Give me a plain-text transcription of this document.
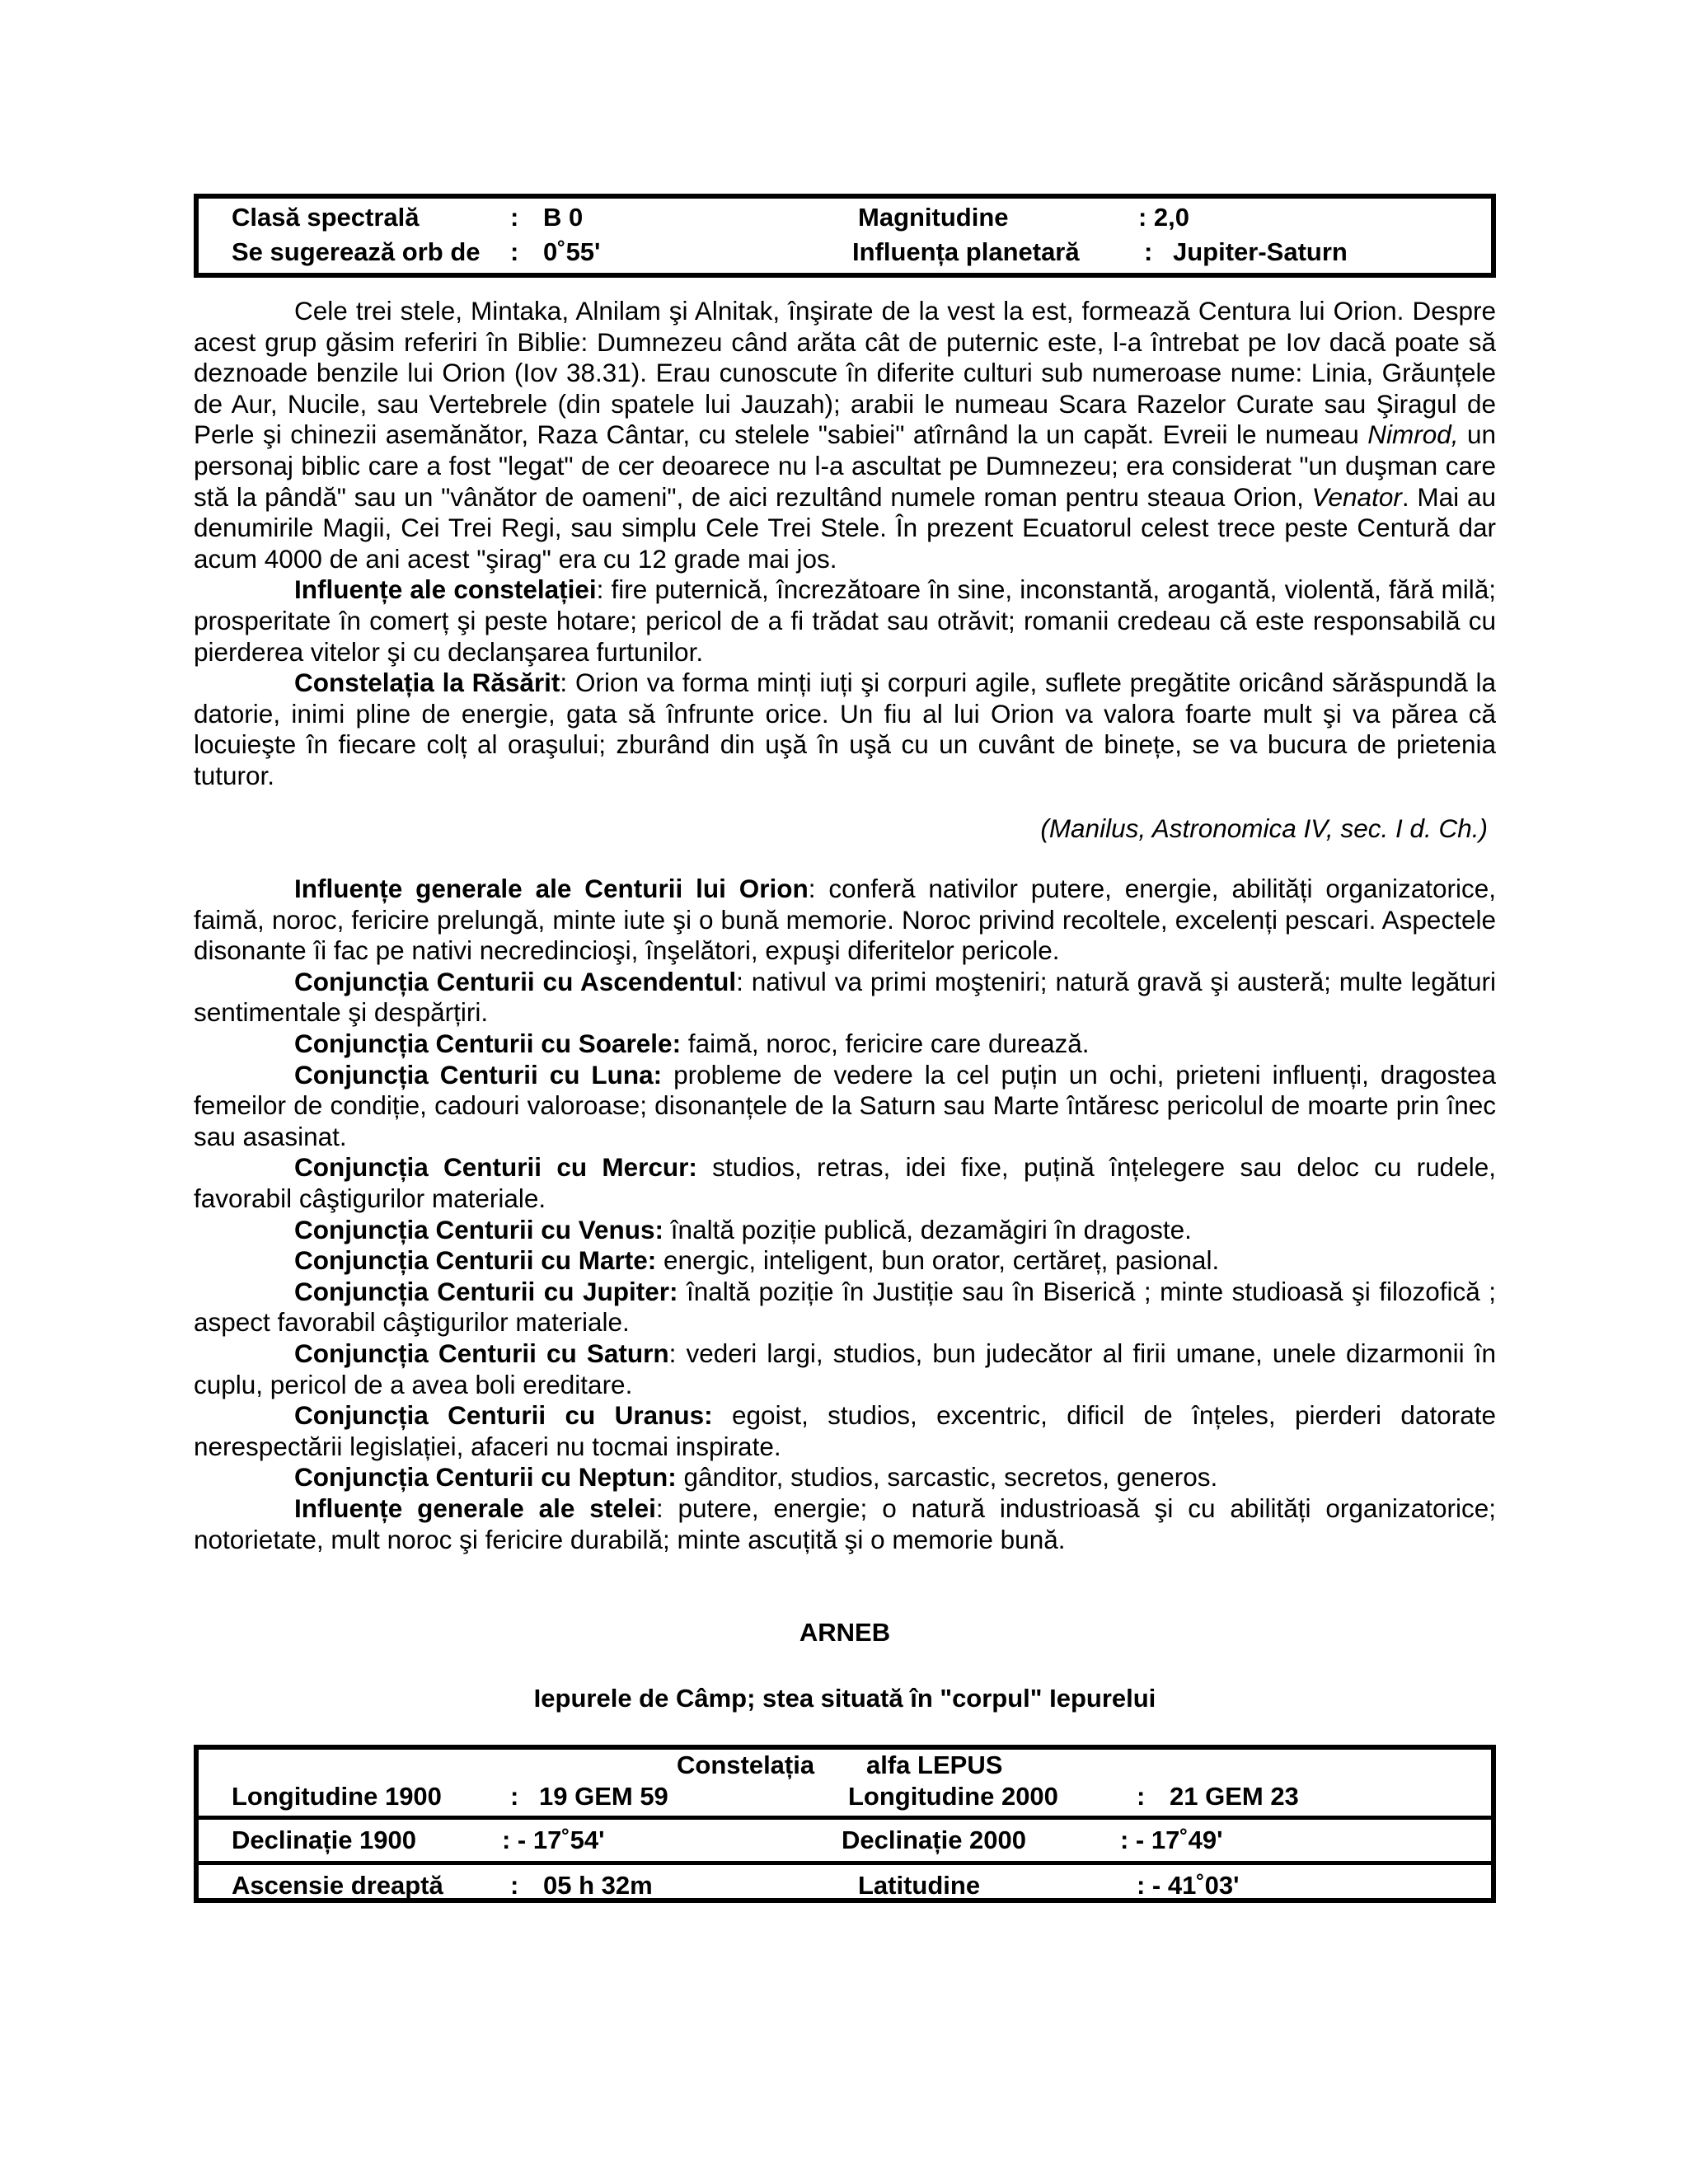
Clasă spectrală	: B 0	Magnitudine	: 2,0
Se sugerează orb de : 0˚55ʹ	Influența planetară	: Jupiter-Saturn

Cele trei stele, Mintaka, Alnilam şi Alnitak, înşirate de la vest la est, formează Centura lui Orion. Despre acest grup găsim referiri în Biblie: Dumnezeu când arăta cât de puternic este, l-a întrebat pe Iov dacă poate să deznoade benzile lui Orion (Iov 38.31). Erau cunoscute în diferite culturi sub numeroase nume: Linia, Grăunțele de Aur, Nucile, sau Vertebrele (din spatele lui Jauzah); arabii le numeau Scara Razelor Curate sau Şiragul de Perle şi chinezii asemănător, Raza Cântar, cu stelele "sabiei" atîrnând la un capăt. Evreii le numeau Nimrod, un personaj biblic care a fost "legat" de cer deoarece nu l-a ascultat pe Dumnezeu; era considerat "un duşman care stă la pândă" sau un "vânător de oameni", de aici rezultând numele roman pentru steaua Orion, Venator. Mai au denumirile Magii, Cei Trei Regi, sau simplu Cele Trei Stele. În prezent Ecuatorul celest trece peste Centură dar acum 4000 de ani acest "şirag" era cu 12 grade mai jos.

Influențe ale constelației: fire puternică, încrezătoare în sine, inconstantă, arogantă, violentă, fără milă; prosperitate în comerț şi peste hotare; pericol de a fi trădat sau otrăvit; romanii credeau că este responsabilă cu pierderea vitelor şi cu declanşarea furtunilor.

Constelația la Răsărit: Orion va forma minți iuți şi corpuri agile, suflete pregătite oricând sărăspundă la datorie, inimi pline de energie, gata să înfrunte orice. Un fiu al lui Orion va valora foarte mult şi va părea că locuieşte în fiecare colț al oraşului; zburând din uşă în uşă cu un cuvânt de binețe, se va bucura de prietenia tuturor.

(Manilus, Astronomica IV, sec. I d. Ch.)

Influențe generale ale Centurii lui Orion: conferă nativilor putere, energie, abilități organizatorice, faimă, noroc, fericire prelungă, minte iute şi o bună memorie. Noroc privind recoltele, excelenți pescari. Aspectele disonante îi fac pe nativi necredincioşi, înşelători, expuşi diferitelor pericole.

Conjuncția Centurii cu Ascendentul: nativul va primi moşteniri; natură gravă şi austeră; multe legături sentimentale şi despărțiri.

Conjuncția Centurii cu Soarele: faimă, noroc, fericire care durează.

Conjuncția Centurii cu Luna: probleme de vedere la cel puțin un ochi, prieteni influenți, dragostea femeilor de condiție, cadouri valoroase; disonanțele de la Saturn sau Marte întăresc pericolul de moarte prin înec sau asasinat.

Conjuncția Centurii cu Mercur: studios, retras, idei fixe, puțină înțelegere sau deloc cu rudele, favorabil câştigurilor materiale.

Conjuncția Centurii cu Venus: înaltă poziție publică, dezamăgiri în dragoste.

Conjuncția Centurii cu Marte: energic, inteligent, bun orator, certăreț, pasional.

Conjuncția Centurii cu Jupiter: înaltă poziție în Justiție sau în Biserică ; minte studioasă şi filozofică ; aspect favorabil câştigurilor materiale.

Conjuncția Centurii cu Saturn: vederi largi, studios, bun judecător al firii umane, unele dizarmonii în cuplu, pericol de a avea boli ereditare.

Conjuncția Centurii cu Uranus: egoist, studios, excentric, dificil de înțeles, pierderi datorate nerespectării legislației, afaceri nu tocmai inspirate.

Conjuncția Centurii cu Neptun: gânditor, studios, sarcastic, secretos, generos.

Influențe generale ale stelei: putere, energie; o natură industrioasă şi cu abilități organizatorice; notorietate, mult noroc şi fericire durabilă; minte ascuțită şi o memorie bună.

ARNEB
Iepurele de Câmp; stea situată în "corpul" Iepurelui
Constelația alfa LEPUS
Longitudine 1900	: 19 GEM 59	Longitudine 2000	: 21 GEM 23
Declinație 1900	: - 17˚54ʹ	Declinație 2000	: - 17˚49ʹ
Ascensie dreaptă	: 05 h 32m	Latitudine	: - 41˚03ʹ
